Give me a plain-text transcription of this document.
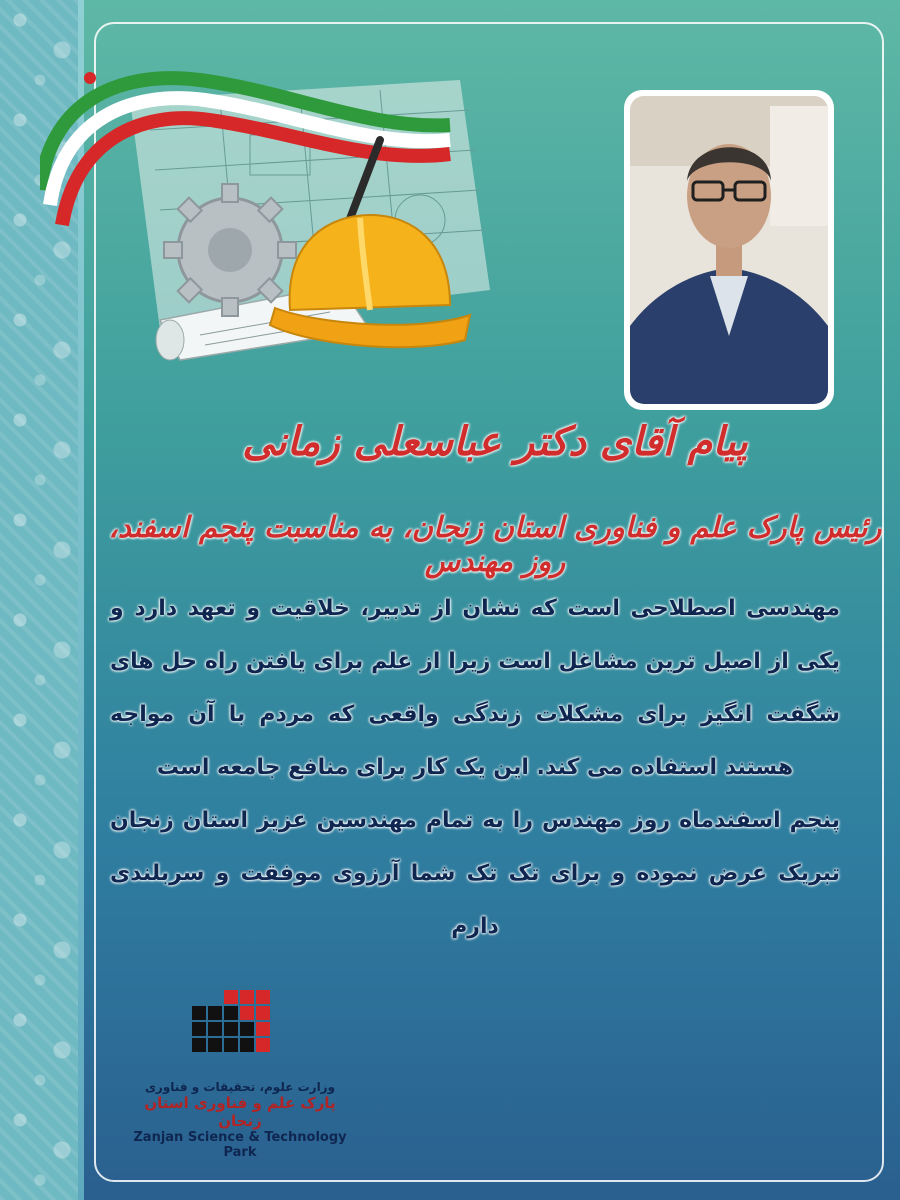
پیام آقای دکتر عباسعلی زمانی
رئیس پارک علم و فناوری استان زنجان، به مناسبت پنجم اسفند، روز مهندس

مهندسی اصطلاحی است که نشان از تدبیر، خلاقیت و تعهد دارد و یکی از اصیل ترین مشاغل است زیرا از علم برای یافتن راه حل های شگفت انگیز برای مشکلات زندگی واقعی که مردم با آن مواجه هستند استفاده می کند. این یک کار برای منافع جامعه است

پنجم اسفندماه روز مهندس را به تمام مهندسین عزیز استان زنجان تبریک عرض نموده و برای تک تک شما آرزوی موفقت و سربلندی دارم

وزارت علوم، تحقیقات و فناوری
پارک علم و فناوری استان زنجان
Zanjan Science & Technology Park
